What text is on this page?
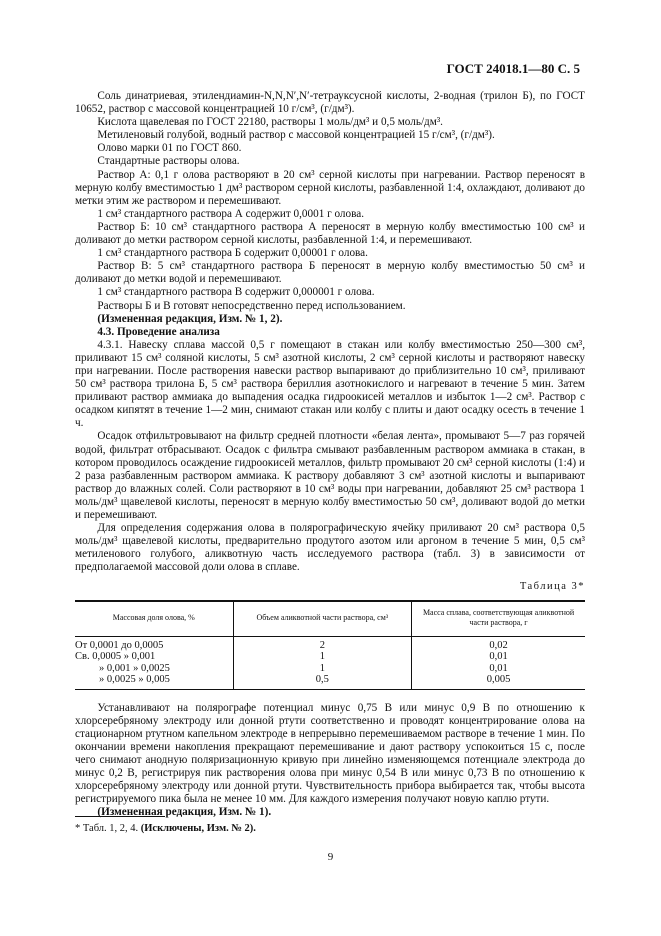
ГОСТ 24018.1—80 С. 5

Соль динатриевая, этилендиамин-N,N,N′,N′-тетрауксусной кислоты, 2-водная (трилон Б), по ГОСТ 10652, раствор с массовой концентрацией 10 г/см³, (г/дм³).

Кислота щавелевая по ГОСТ 22180, растворы 1 моль/дм³ и 0,5 моль/дм³.

Метиленовый голубой, водный раствор с массовой концентрацией 15 г/см³, (г/дм³).

Олово марки 01 по ГОСТ 860.

Стандартные растворы олова.

Раствор А: 0,1 г олова растворяют в 20 см³ серной кислоты при нагревании. Раствор переносят в мерную колбу вместимостью 1 дм³ раствором серной кислоты, разбавленной 1:4, охлаждают, доливают до метки этим же раствором и перемешивают.

1 см³ стандартного раствора А содержит 0,0001 г олова.

Раствор Б: 10 см³ стандартного раствора А переносят в мерную колбу вместимостью 100 см³ и доливают до метки раствором серной кислоты, разбавленной 1:4, и перемешивают.

1 см³ стандартного раствора Б содержит 0,00001 г олова.

Раствор В: 5 см³ стандартного раствора Б переносят в мерную колбу вместимостью 50 см³ и доливают до метки водой и перемешивают.

1 см³ стандартного раствора В содержит 0,000001 г олова.

Растворы Б и В готовят непосредственно перед использованием.

(Измененная редакция, Изм. № 1, 2).

4.3. Проведение анализа

4.3.1. Навеску сплава массой 0,5 г помещают в стакан или колбу вместимостью 250—300 см³, приливают 15 см³ соляной кислоты, 5 см³ азотной кислоты, 2 см³ серной кислоты и растворяют навеску при нагревании. После растворения навески раствор выпаривают до приблизительно 10 см³, приливают 50 см³ раствора трилона Б, 5 см³ раствора бериллия азотнокислого и нагревают в течение 5 мин. Затем приливают раствор аммиака до выпадения осадка гидроокисей металлов и избыток 1—2 см³. Раствор с осадком кипятят в течение 1—2 мин, снимают стакан или колбу с плиты и дают осадку осесть в течение 1 ч.

Осадок отфильтровывают на фильтр средней плотности «белая лента», промывают 5—7 раз горячей водой, фильтрат отбрасывают. Осадок с фильтра смывают разбавленным раствором аммиака в стакан, в котором проводилось осаждение гидроокисей металлов, фильтр промывают 20 см³ серной кислоты (1:4) и 2 раза разбавленным раствором аммиака. К раствору добавляют 3 см³ азотной кислоты и выпаривают раствор до влажных солей. Соли растворяют в 10 см³ воды при нагревании, добавляют 25 см³ раствора 1 моль/дм³ щавелевой кислоты, переносят в мерную колбу вместимостью 50 см³, доливают водой до метки и перемешивают.

Для определения содержания олова в полярографическую ячейку приливают 20 см³ раствора 0,5 моль/дм³ щавелевой кислоты, предварительно продутого азотом или аргоном в течение 5 мин, 0,5 см³ метиленового голубого, аликвотную часть исследуемого раствора (табл. 3) в зависимости от предполагаемой массовой доли олова в сплаве.

Таблица 3*
Массовая доля олова, %	Объем аликвотной части раствора, см³	Масса сплава, соответствующая аликвотной части раствора, г
От 0,0001 до 0,0005	2	0,02
Св. 0,0005 » 0,001	1	0,01
» 0,001 » 0,0025	1	0,01
» 0,0025 » 0,005	0,5	0,005

Устанавливают на полярографе потенциал минус 0,75 В или минус 0,9 В по отношению к хлорсеребряному электроду или донной ртути соответственно и проводят концентрирование олова на стационарном ртутном капельном электроде в непрерывно перемешиваемом растворе в течение 1 мин. По окончании времени накопления прекращают перемешивание и дают раствору успокоиться 15 с, после чего снимают анодную поляризационную кривую при линейно изменяющемся потенциале электрода до минус 0,2 В, регистрируя пик растворения олова при минус 0,54 В или минус 0,73 В по отношению к хлорсеребряному электроду или донной ртути. Чувствительность прибора выбирается так, чтобы высота регистрируемого пика была не менее 10 мм. Для каждого измерения получают новую каплю ртути.

(Измененная редакция, Изм. № 1).

* Табл. 1, 2, 4. (Исключены, Изм. № 2).
9
